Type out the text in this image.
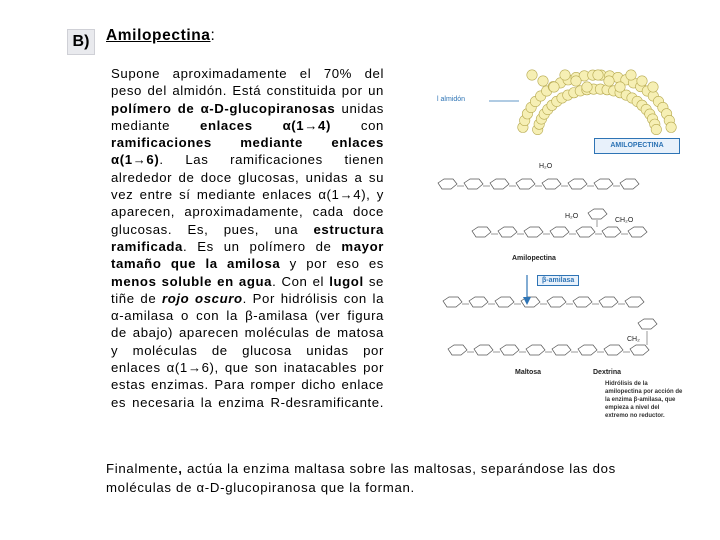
B)	Amilopectina:

Supone aproximadamente el 70% del peso del almidón. Está constituida por un polímero de α-D-glucopiranosas unidas mediante enlaces α(1→4) con ramificaciones mediante enlaces α(1→6). Las ramificaciones tienen alrededor de doce glucosas, unidas a su vez entre sí mediante enlaces α(1→4), y aparecen, aproximadamente, cada doce glucosas. Es, pues, una estructura ramificada. Es un polímero de mayor tamaño que la amilosa y por eso es menos soluble en agua. Con el lugol se tiñe de rojo oscuro. Por hidrólisis con la α-amilasa o con la β-amilasa (ver figura de abajo) aparecen moléculas de matosa y moléculas de glucosa unidas por enlaces α(1→6), que son inatacables por estas enzimas. Para romper dicho enlace es necesaria la enzima R-desramificante.

Finalmente, actúa la enzima maltasa sobre las maltosas, separándose las dos moléculas de α-D-glucopiranosa que la forman.

l almidón
AMILOPECTINA
H₂O
H₂O
CH₂O
Amilopectina
β-amilasa
CH₂
Maltosa	Dextrina

Hidrólisis de la amilopectina por acción de la enzima β-amilasa, que empieza a nivel del extremo no reductor.
